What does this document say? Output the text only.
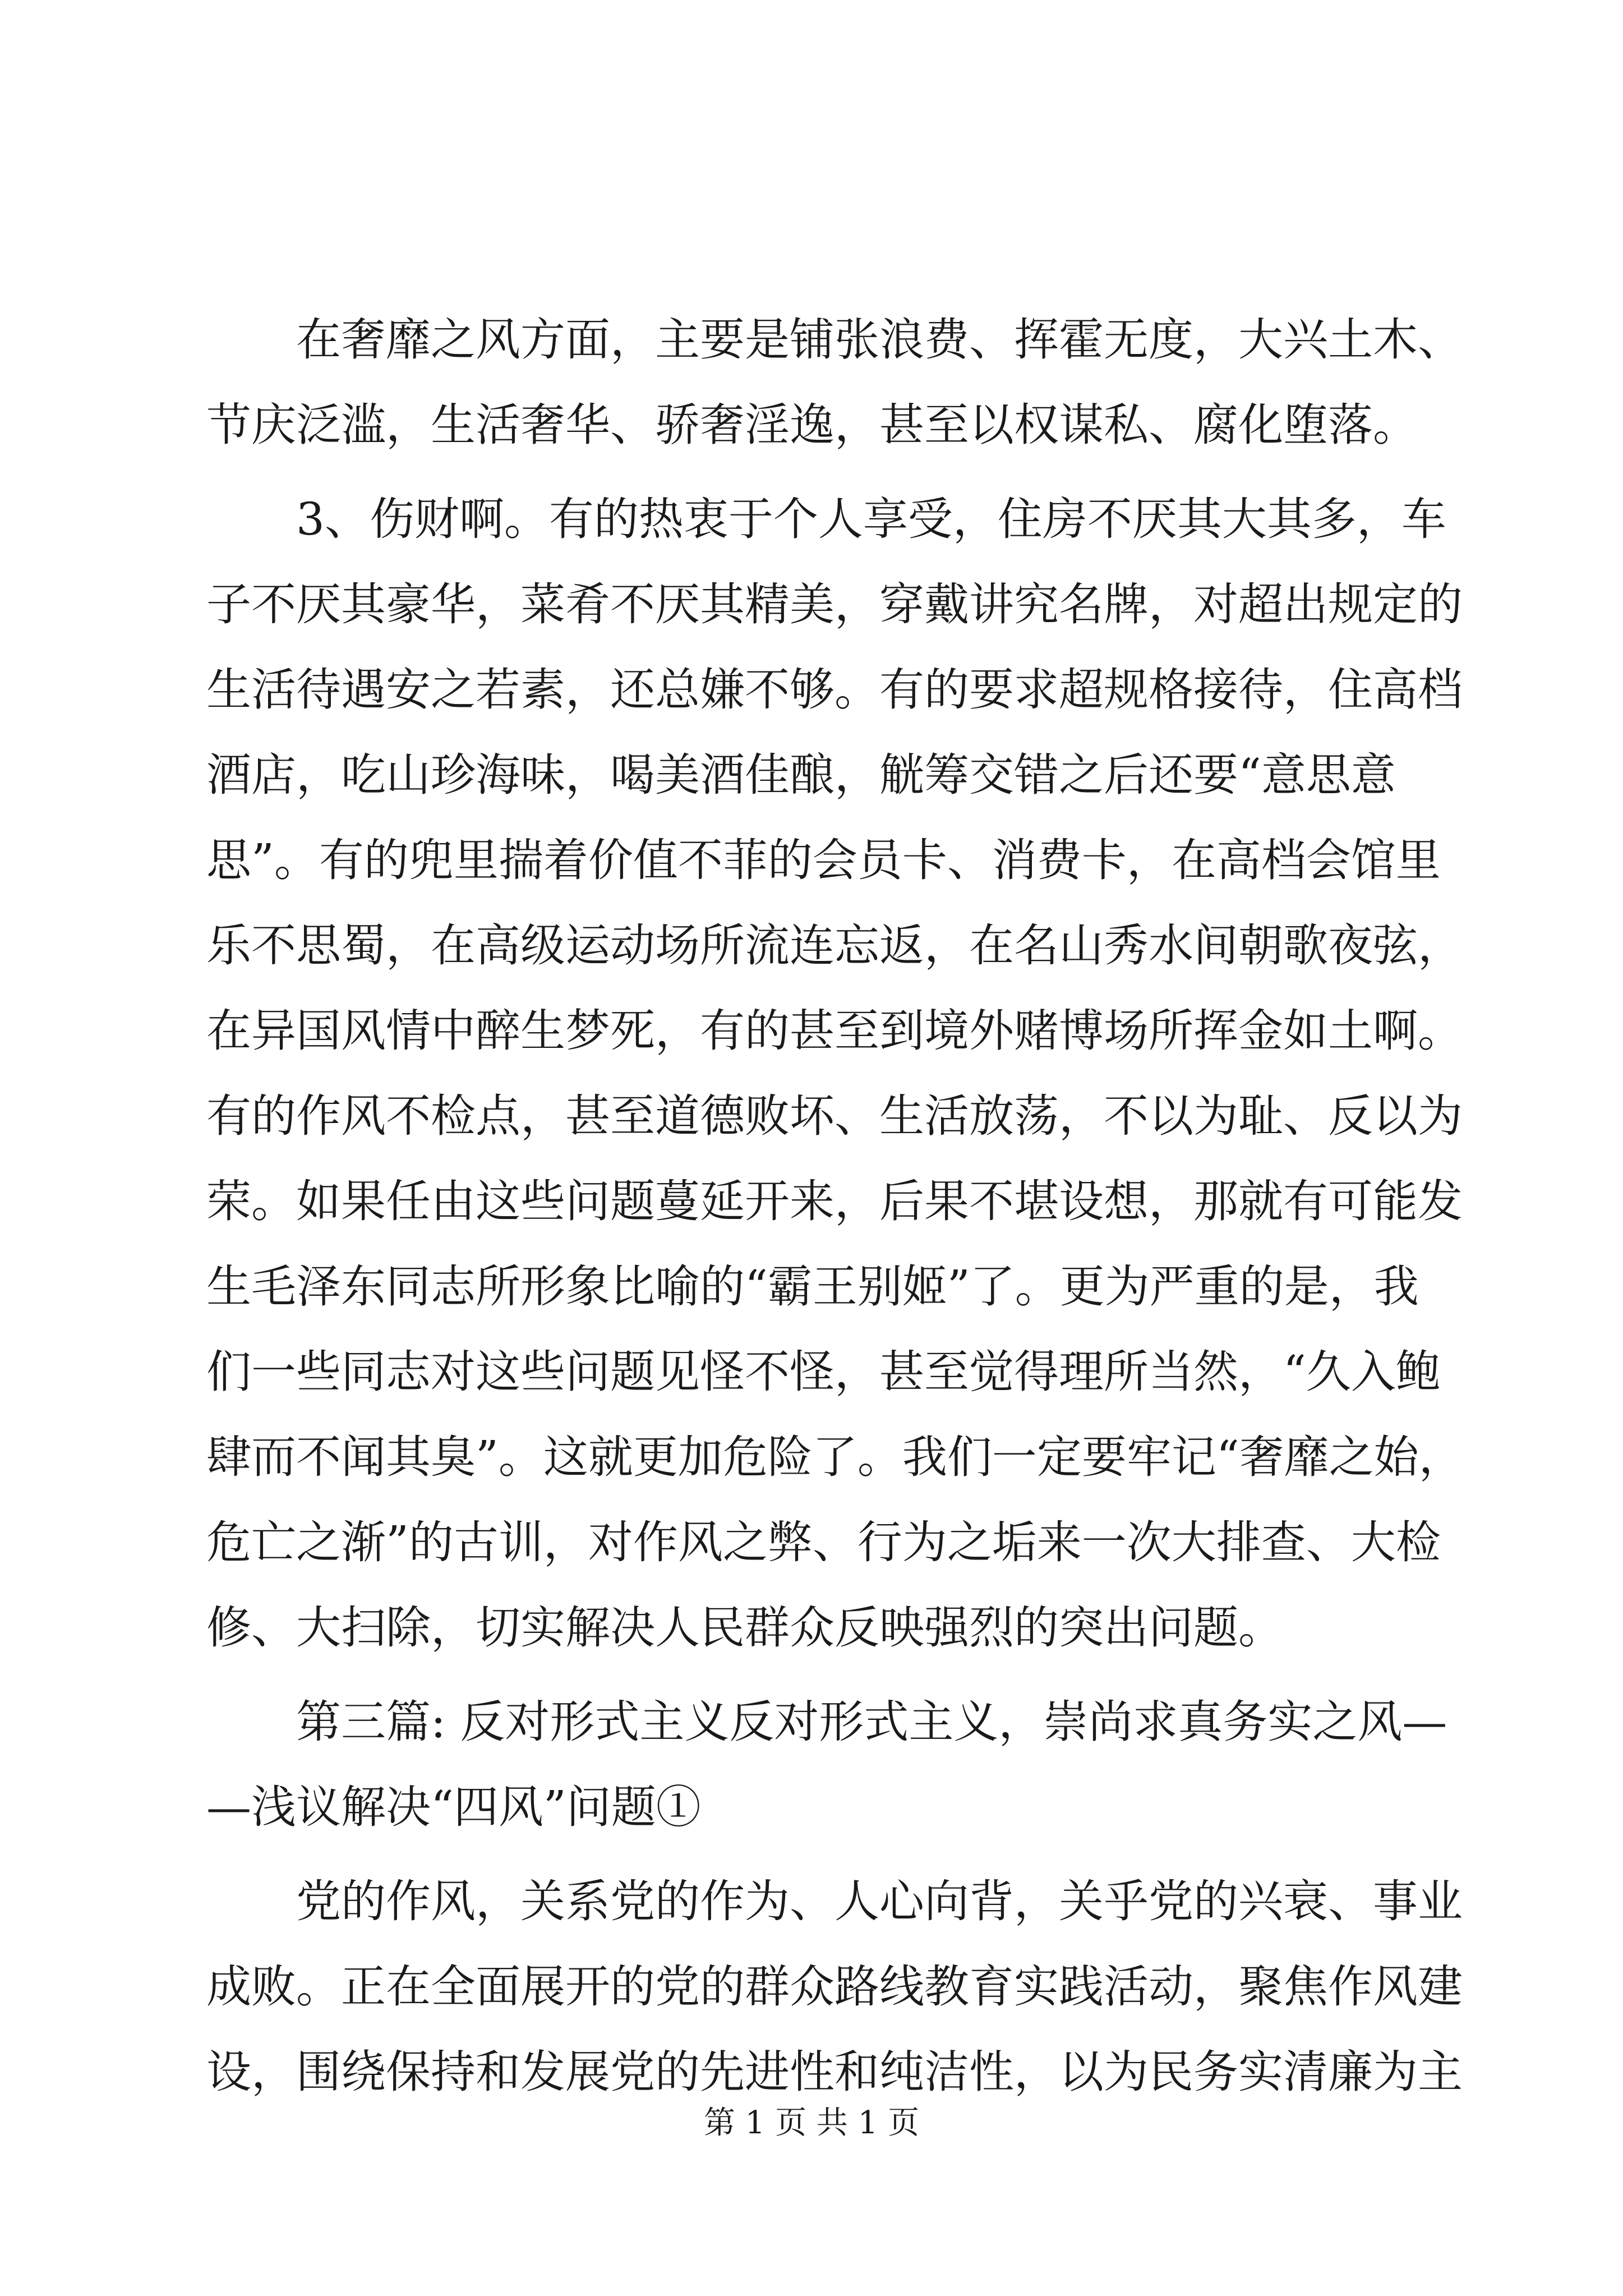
　　在奢靡之风方面，主要是铺张浪费、挥霍无度，大兴土木、
节庆泛滥，生活奢华、骄奢淫逸，甚至以权谋私、腐化堕落。
　　3、伤财啊。有的热衷于个人享受，住房不厌其大其多，车
子不厌其豪华，菜肴不厌其精美，穿戴讲究名牌，对超出规定的
生活待遇安之若素，还总嫌不够。有的要求超规格接待，住高档
酒店，吃山珍海味，喝美酒佳酿，觥筹交错之后还要“意思意
思”。有的兜里揣着价值不菲的会员卡、消费卡，在高档会馆里
乐不思蜀，在高级运动场所流连忘返，在名山秀水间朝歌夜弦，
在异国风情中醉生梦死，有的甚至到境外赌博场所挥金如土啊。
有的作风不检点，甚至道德败坏、生活放荡，不以为耻、反以为
荣。如果任由这些问题蔓延开来，后果不堪设想，那就有可能发
生毛泽东同志所形象比喻的“霸王别姬”了。更为严重的是，我
们一些同志对这些问题见怪不怪，甚至觉得理所当然，“久入鲍
肆而不闻其臭”。这就更加危险了。我们一定要牢记“奢靡之始，
危亡之渐”的古训，对作风之弊、行为之垢来一次大排查、大检
修、大扫除，切实解决人民群众反映强烈的突出问题。
　　第三篇: 反对形式主义反对形式主义，崇尚求真务实之风—
—浅议解决“四风”问题①
　　党的作风，关系党的作为、人心向背，关乎党的兴衰、事业
成败。正在全面展开的党的群众路线教育实践活动，聚焦作风建
设，围绕保持和发展党的先进性和纯洁性，以为民务实清廉为主
第 1 页 共 1 页
